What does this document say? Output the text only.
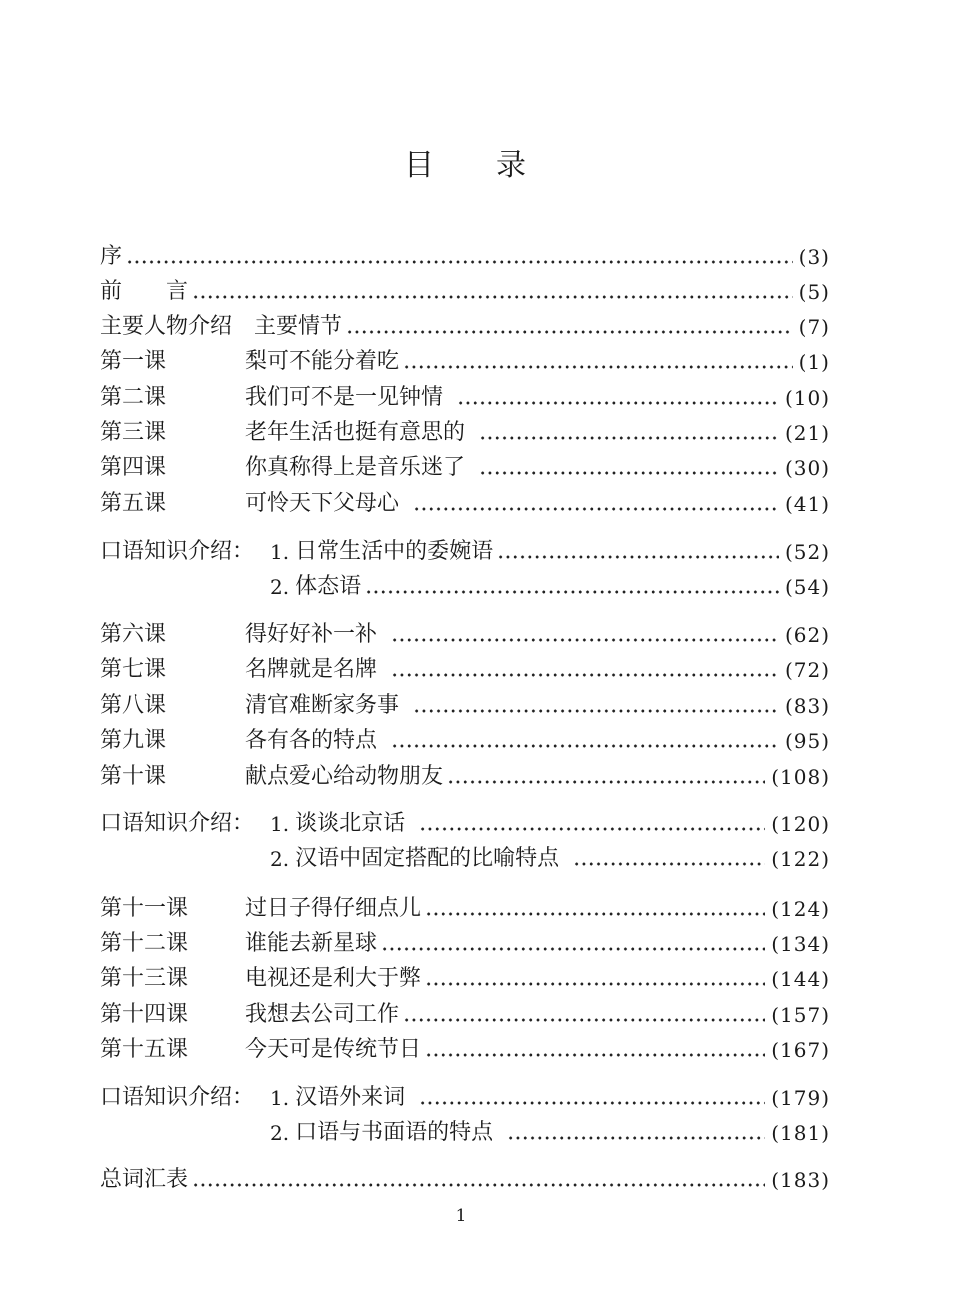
目 录
序	(3)
前　　言	(5)
主要人物介绍　主要情节	(7)
第一课	梨可不能分着吃	(1)
第二课	我们可不是一见钟情	(10)
第三课	老年生活也挺有意思的	(21)
第四课	你真称得上是音乐迷了	(30)
第五课	可怜天下父母心	(41)
口语知识介绍： 1. 日常生活中的委婉语	(52)
2. 体态语	(54)
第六课	得好好补一补	(62)
第七课	名牌就是名牌	(72)
第八课	清官难断家务事	(83)
第九课	各有各的特点	(95)
第十课	献点爱心给动物朋友	(108)
口语知识介绍： 1. 谈谈北京话	(120)
2. 汉语中固定搭配的比喻特点	(122)
第十一课	过日子得仔细点儿	(124)
第十二课	谁能去新星球	(134)
第十三课	电视还是利大于弊	(144)
第十四课	我想去公司工作	(157)
第十五课	今天可是传统节日	(167)
口语知识介绍： 1. 汉语外来词	(179)
2. 口语与书面语的特点	(181)
总词汇表	(183)
1
